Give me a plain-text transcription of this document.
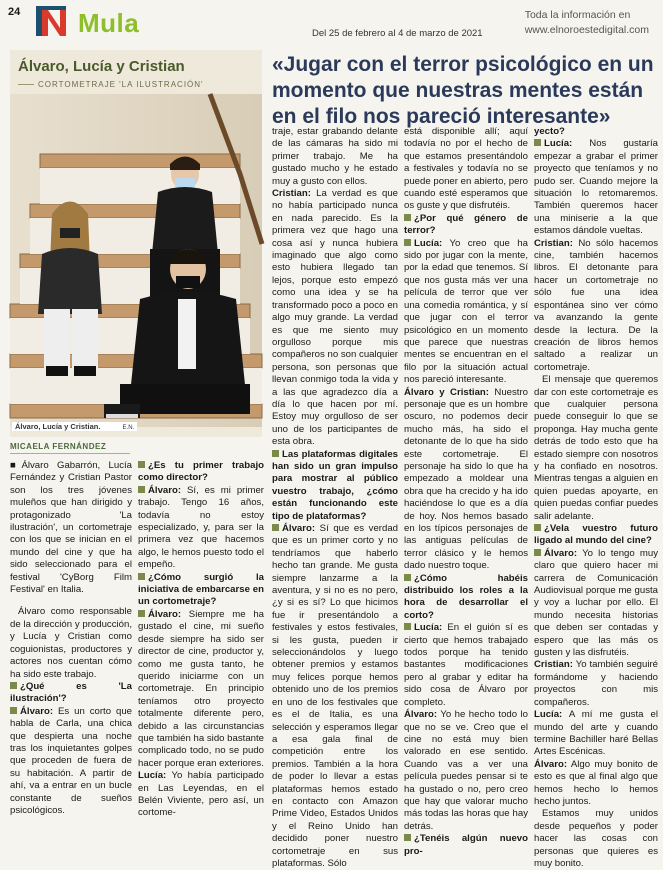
24 Mula	Toda la información en
www.elnoroestedigital.com
Del 25 de febrero al 4 de marzo de 2021
Álvaro, Lucía y Cristian
CORTOMETRAJE 'LA ILUSTRACIÓN'
Álvaro, Lucía y Cristian.	E.N.
MICAELA FERNÁNDEZ
«Jugar con el terror psicológico en un momento que nuestras mentes están en el filo nos pareció interesante»

■Álvaro Gabarrón, Lucía Fernández y Cristian Pastor son los tres jóvenes muleños que han dirigido y protagonizado 'La ilustración', un cortometraje con los que se inician en el mundo del cine y que ha sido seleccionado para el festival 'CyBorg Film Festival' en Italia.

Álvaro como responsable de la dirección y producción, y Lucía y Cristian como coguionistas, productores y actores nos cuentan cómo ha sido este trabajo.

¿Qué es 'La ilustración'?

Álvaro: Es un corto que habla de Carla, una chica que despierta una noche tras los inquietantes golpes que proceden de fuera de su habitación. A partir de ahí, va a entrar en un bucle constante de sueños psicológicos.

¿Es tu primer trabajo como director?

Álvaro: Sí, es mi primer trabajo. Tengo 16 años, todavía no estoy especializado, y, para ser la primera vez que hacemos algo, le hemos puesto todo el empeño.

¿Cómo surgió la iniciativa de embarcarse en un cortometraje?

Álvaro: Siempre me ha gustado el cine, mi sueño desde siempre ha sido ser director de cine, productor y, como me gusta tanto, he querido iniciarme con un cortometraje. En principio teníamos otro proyecto totalmente diferente pero, debido a las circunstancias que también ha sido bastante complicado todo, no se pudo hacer porque eran exteriores.

Lucía: Yo había participado en Las Leyendas, en el Belén Viviente, pero así, un cortome-

traje, estar grabando delante de las cámaras ha sido mi primer trabajo. Me ha gustado mucho y he estado muy a gusto con ellos.

Cristian: La verdad es que no había participado nunca en nada parecido. Es la primera vez que hago una cosa así y nunca hubiera imaginado que algo como esto hubiera llegado tan lejos, porque esto empezó como una idea y se ha transformado poco a poco en algo muy grande. La verdad es que me siento muy orgulloso porque mis compañeros no son cualquier persona, son personas que llevan conmigo toda la vida y a las que agradezco día a día lo que hacen por mí. Estoy muy orgulloso de ser uno de los participantes de esta obra.

Las plataformas digitales han sido un gran impulso para mostrar al público vuestro trabajo, ¿cómo están funcionando este tipo de plataformas?

Álvaro: Sí que es verdad que es un primer corto y no tendríamos que haberlo hecho tan grande. Me gusta siempre lanzarme a la aventura, y si no es no pero, ¿y si es sí? Lo que hicimos fue ir presentándolo a festivales y estos festivales, si les gusta, pueden ir seleccionándolos y luego obtener premios y estamos muy felices porque hemos obtenido uno de los premios en uno de los festivales que es el de Italia, es una selección y esperamos llegar a esa gala final de competición entre los premios. También a la hora de poder lo llevar a estas plataformas hemos estado en contacto con Amazon Prime Video, Estados Unidos y el Reino Unido han decidido poner nuestro cortometraje en sus plataformas. Sólo

está disponible allí; aquí todavía no por el hecho de que estamos presentándolo a festivales y todavía no se puede poner en abierto, pero cuando esté esperamos que os guste y que disfrutéis.

¿Por qué género de terror?

Lucía: Yo creo que ha sido por jugar con la mente, por la edad que tenemos. Sí que nos gusta más ver una película de terror que ver una comedia romántica, y sí que jugar con el terror psicológico en un momento que parece que nuestras mentes se encuentran en el filo por la situación actual nos pareció interesante.

Álvaro y Cristian: Nuestro personaje que es un hombre oscuro, no podemos decir mucho más, ha sido el detonante de lo que ha sido este cortometraje. El personaje ha sido lo que ha empezado a moldear una obra que ha crecido y ha ido haciéndose lo que es a día de hoy. Nos hemos basado en los típicos personajes de las antiguas películas de terror clásico y le hemos dado nuestro toque.

¿Cómo habéis distribuido los roles a la hora de desarrollar el corto?

Lucía: En el guión sí es cierto que hemos trabajado todos porque ha tenido bastantes modificaciones pero al grabar y editar ha sido cosa de Álvaro por completo.

Álvaro: Yo he hecho todo lo que no se ve. Creo que el cine no está muy bien valorado en ese sentido. Cuando vas a ver una película puedes pensar si te ha gustado o no, pero creo que hay que valorar mucho más todas las horas que hay detrás.

¿Tenéis algún nuevo pro-

yecto?

Lucía: Nos gustaría empezar a grabar el primer proyecto que teníamos y no pudo ser. Cuando mejore la situación lo retomaremos. También queremos hacer una miniserie a la que estamos dándole vueltas.

Cristian: No sólo hacemos cine, también hacemos libros. El detonante para hacer un cortometraje no sólo fue una idea espontánea sino ver cómo va avanzando la gente desde la lectura. De la creación de libros hemos saltado a realizar un cortometraje.

El mensaje que queremos dar con este cortometraje es que cualquier persona puede conseguir lo que se proponga. Hay mucha gente detrás de todo esto que ha estado siempre con nosotros y ha confiado en nosotros. Mientras tengas a alguien en quien puedas apoyarte, en quien puedas confiar puedes salir adelante.

¿Vela vuestro futuro ligado al mundo del cine?

Álvaro: Yo lo tengo muy claro que quiero hacer mi carrera de Comunicación Audiovisual porque me gusta y voy a luchar por ello. El mundo necesita historias que deben ser contadas y espero que las más os gusten y las disfrutéis.

Cristian: Yo también seguiré formándome y haciendo proyectos con mis compañeros.

Lucía: A mí me gusta el mundo del arte y cuando termine Bachiller haré Bellas Artes Escénicas.

Álvaro: Algo muy bonito de esto es que al final algo que hemos hecho lo hemos hecho juntos.

Estamos muy unidos desde pequeños y poder hacer las cosas con personas que quieres es muy bonito.
